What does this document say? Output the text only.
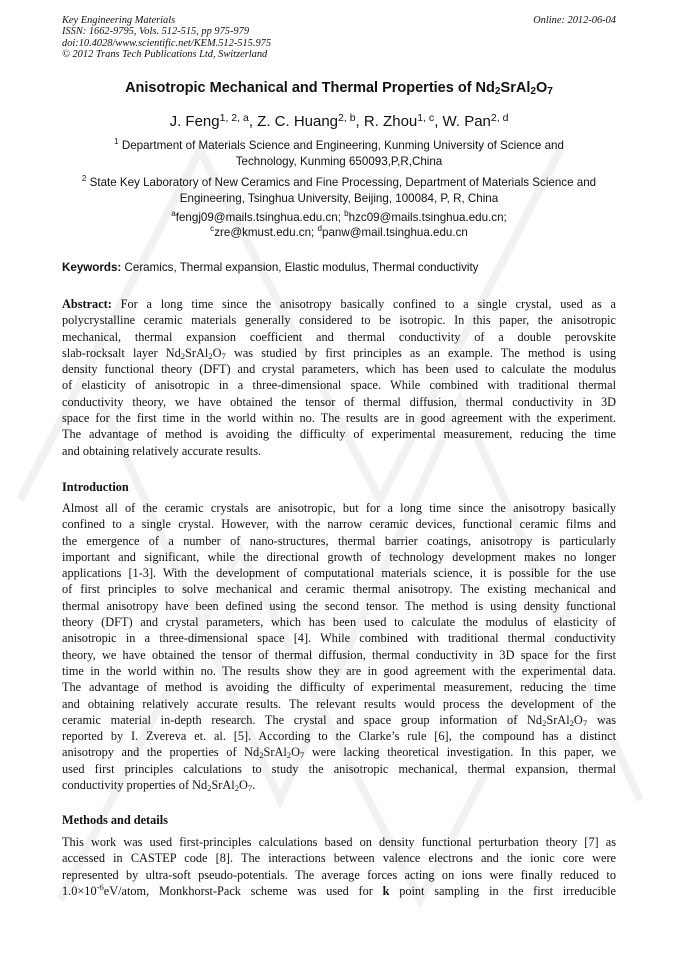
Key Engineering Materials
ISSN: 1662-9795, Vols. 512-515, pp 975-979
doi:10.4028/www.scientific.net/KEM.512-515.975
© 2012 Trans Tech Publications Ltd, Switzerland
Online: 2012-06-04
Anisotropic Mechanical and Thermal Properties of $Nd_2SrAl_2O_7$
J. Feng$^{1, 2, a}$, Z. C. Huang$^{2, b}$, R. Zhou$^{1, c}$, W. Pan$^{2, d}$
$^1$ Department of Materials Science and Engineering, Kunming University of Science and
Technology, Kunming 650093,P,R,China
$^2$ State Key Laboratory of New Ceramics and Fine Processing, Department of Materials Science and
Engineering, Tsinghua University, Beijing, 100084, P, R, China
$^a$fengj09@mails.tsinghua.edu.cn; $^b$hzc09@mails.tsinghua.edu.cn;
$^c$zre@kmust.edu.cn; $^d$panw@mail.tsinghua.edu.cn
Keywords: Ceramics, Thermal expansion, Elastic modulus, Thermal conductivity
Abstract: For a long time since the anisotropy basically confined to a single crystal, used as a
polycrystalline ceramic materials generally considered to be isotropic. In this paper, the anisotropic
mechanical, thermal expansion coefficient and thermal conductivity of a double perovskite
slab-rocksalt layer $Nd_2SrAl_2O_7$ was studied by first principles as an example. The method is using
density functional theory (DFT) and crystal parameters, which has been used to calculate the modulus
of elasticity of anisotropic in a three-dimensional space. While combined with traditional thermal
conductivity theory, we have obtained the tensor of thermal diffusion, thermal conductivity in 3D
space for the first time in the world within no. The results are in good agreement with the experiment.
The advantage of method is avoiding the difficulty of experimental measurement, reducing the time
and obtaining relatively accurate results.
Introduction
Almost all of the ceramic crystals are anisotropic, but for a long time since the anisotropy basically
confined to a single crystal. However, with the narrow ceramic devices, functional ceramic films and
the emergence of a number of nano-structures, thermal barrier coatings, anisotropy is particularly
important and significant, while the directional growth of technology development makes no longer
applications [1-3]. With the development of computational materials science, it is possible for the use
of first principles to solve mechanical and ceramic thermal anisotropy. The existing mechanical and
thermal anisotropy have been defined using the second tensor. The method is using density functional
theory (DFT) and crystal parameters, which has been used to calculate the modulus of elasticity of
anisotropic in a three-dimensional space [4]. While combined with traditional thermal conductivity
theory, we have obtained the tensor of thermal diffusion, thermal conductivity in 3D space for the first
time in the world within no. The results show they are in good agreement with the experimental data.
The advantage of method is avoiding the difficulty of experimental measurement, reducing the time
and obtaining relatively accurate results. The relevant results would process the development of the
ceramic material in-depth research. The crystal and space group information of $Nd_2SrAl_2O_7$ was
reported by I. Zvereva et. al. [5]. According to the Clarke’s rule [6], the compound has a distinct
anisotropy and the properties of $Nd_2SrAl_2O_7$ were lacking theoretical investigation. In this paper, we
used first principles calculations to study the anisotropic mechanical, thermal expansion, thermal
conductivity properties of $Nd_2SrAl_2O_7$.
Methods and details
This work was used first-principles calculations based on density functional perturbation theory [7] as
accessed in CASTEP code [8]. The interactions between valence electrons and the ionic core were
represented by ultra-soft pseudo-potentials. The average forces acting on ions were finally reduced to
$1.0\times 10^{-6}eV$/atom, Monkhorst-Pack scheme was used for k point sampling in the first irreducible
